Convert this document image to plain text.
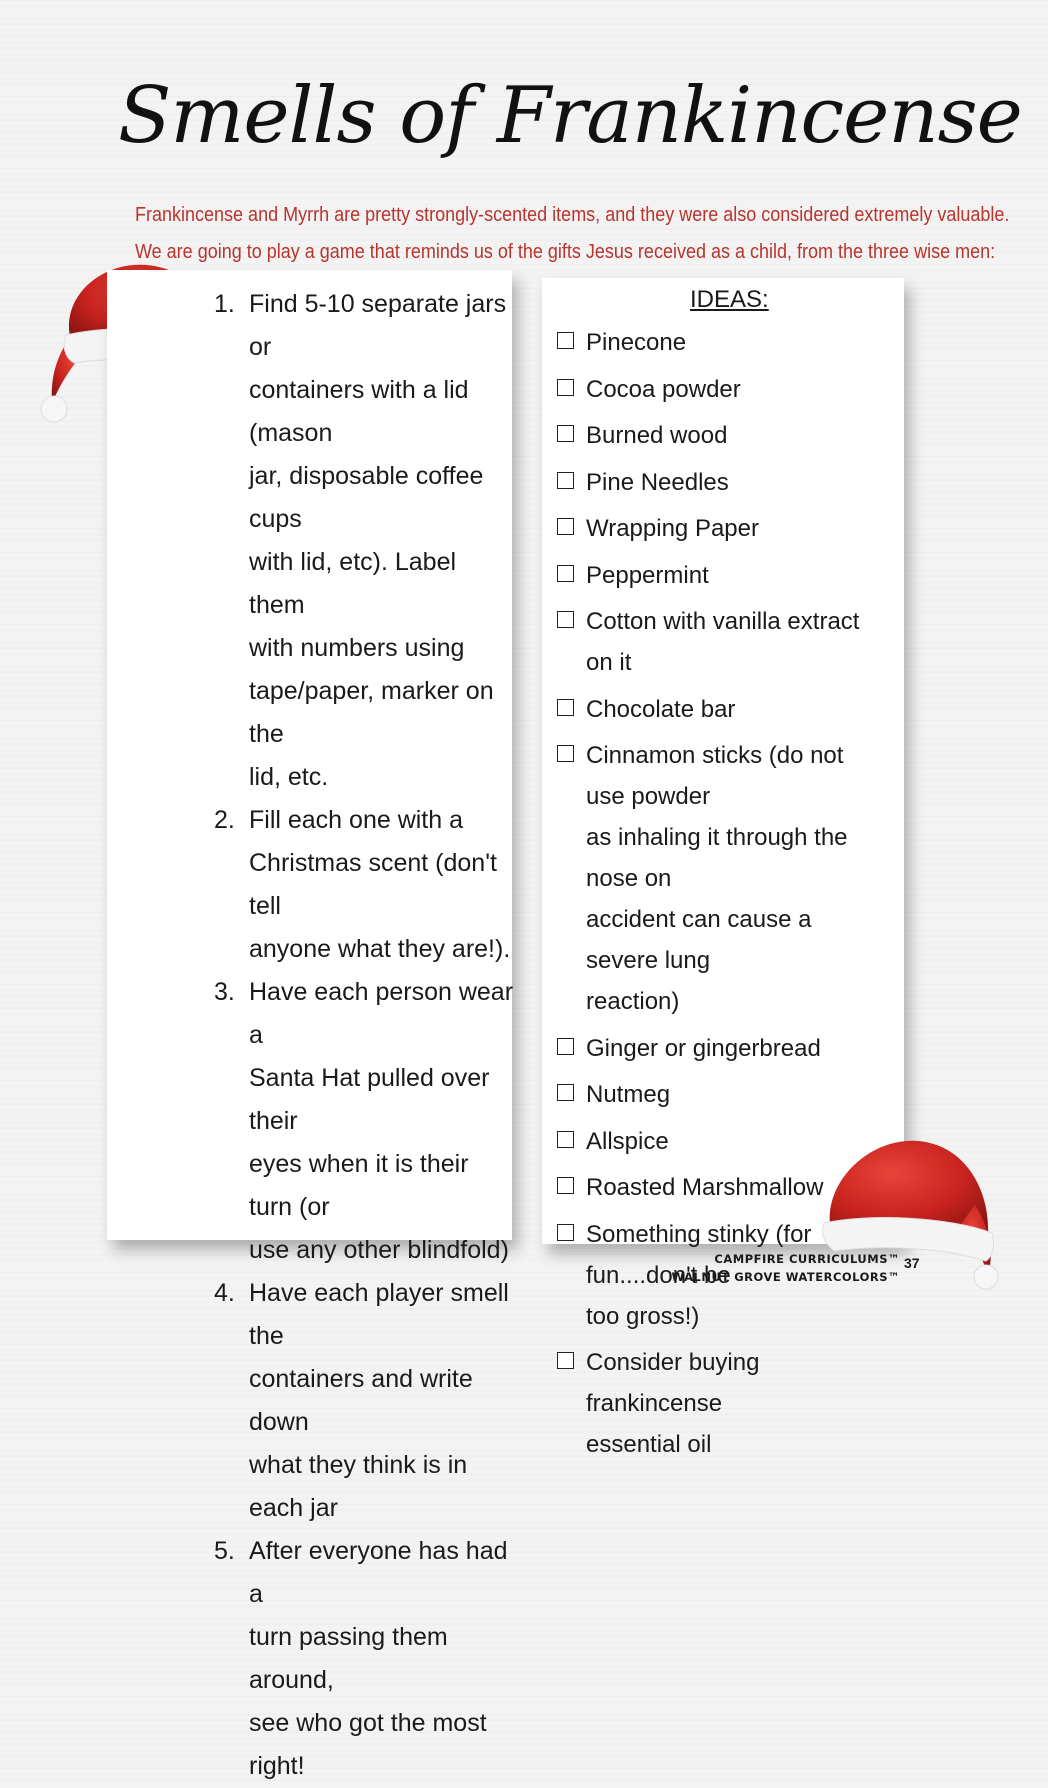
Smells of Frankincense
Frankincense and Myrrh are pretty strongly-scented items, and they were also considered extremely valuable.
We are going to play a game that reminds us of the gifts Jesus received as a child, from the three wise men:
1. Find 5-10 separate jars or
containers with a lid (mason
jar, disposable coffee cups
with lid, etc). Label them
with numbers using
tape/paper, marker on the
lid, etc.
2. Fill each one with a
Christmas scent (don't tell
anyone what they are!).
3. Have each person wear a
Santa Hat pulled over their
eyes when it is their turn (or
use any other blindfold)
4. Have each player smell the
containers and write down
what they think is in
each jar
5. After everyone has had a
turn passing them around,
see who got the most right!
IDEAS:
Pinecone
Cocoa powder
Burned wood
Pine Needles
Wrapping Paper
Peppermint
Cotton with vanilla extract on it
Chocolate bar
Cinnamon sticks (do not use powder
as inhaling it through the nose on
accident can cause a severe lung
reaction)
Ginger or gingerbread
Nutmeg
Allspice
Roasted Marshmallow
Something stinky (for fun....don't be
too gross!)
Consider buying frankincense
essential oil
CAMPFIRE CURRICULUMS™
WALNUT GROVE WATERCOLORS™
37
